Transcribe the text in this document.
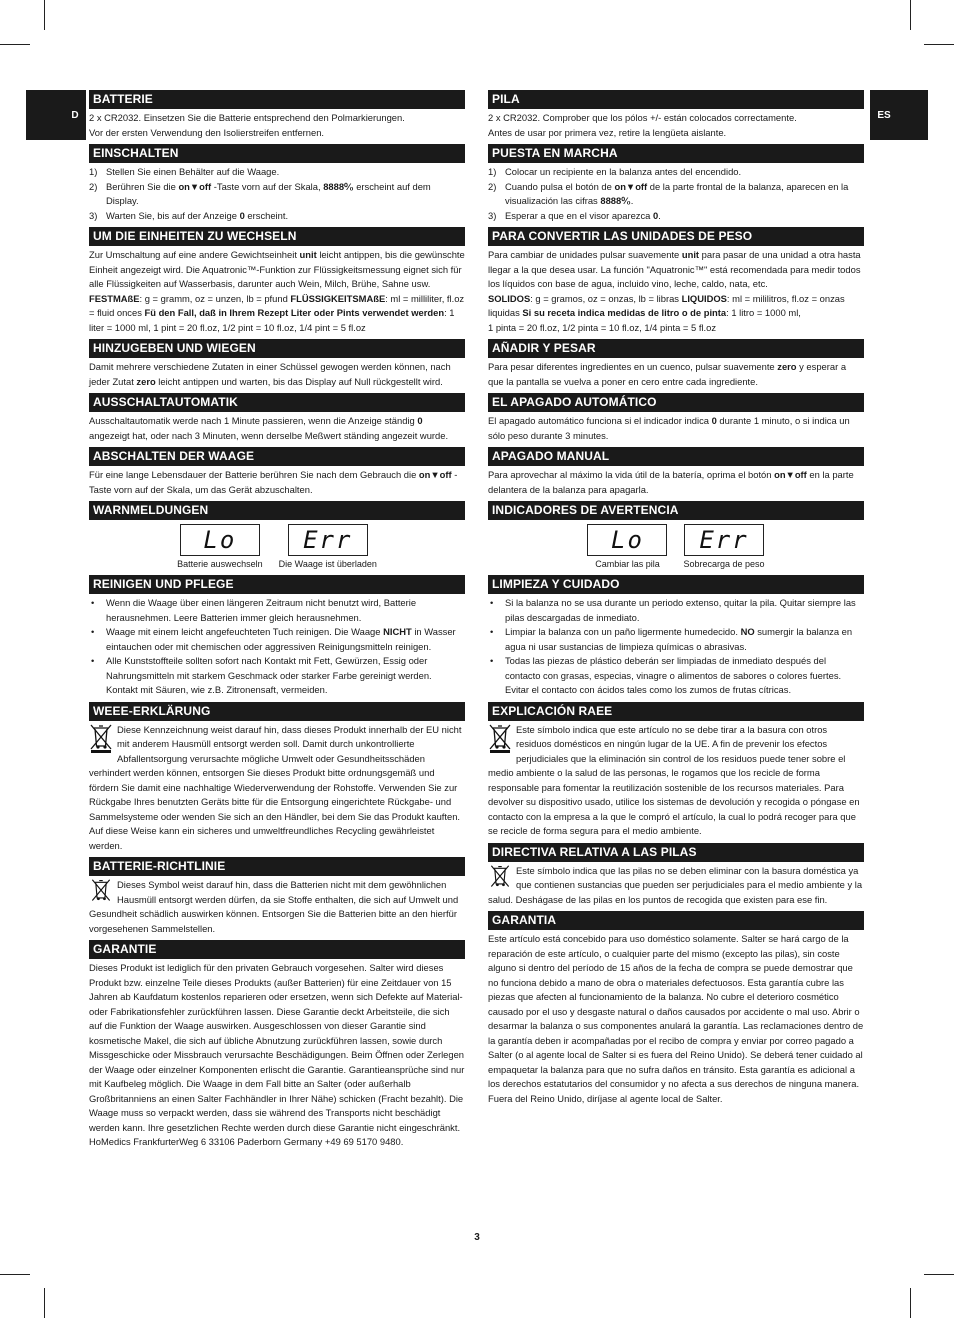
D	ES
BATTERIE
2 x CR2032. Einsetzen Sie die Batterie entsprechend den Polmarkierungen.
Vor der ersten Verwendung den Isolierstreifen entfernen.
EINSCHALTEN
1) Stellen Sie einen Behälter auf die Waage.
2) Berühren Sie die on▼off -Taste vorn auf der Skala, 8888⁰⁄₀ erscheint auf dem Display.
3) Warten Sie, bis auf der Anzeige 0 erscheint.
UM DIE EINHEITEN ZU WECHSELN
Zur Umschaltung auf eine andere Gewichtseinheit unit leicht antippen, bis die gewünschte Einheit angezeigt wird. Die Aquatronic™-Funktion zur Flüssigkeitsmessung eignet sich für alle Flüssigkeiten auf Wasserbasis, darunter auch Wein, Milch, Brühe, Sahne usw. FESTMAßE: g = gramm, oz = unzen, lb = pfund FLÜSSIGKEITSMAßE: ml = milliliter, fl.oz = fluid onces Fü den Fall, daß in Ihrem Rezept Liter oder Pints verwendet werden: 1 liter = 1000 ml, 1 pint = 20 fl.oz, 1/2 pint = 10 fl.oz, 1/4 pint = 5 fl.oz
HINZUGEBEN UND WIEGEN
Damit mehrere verschiedene Zutaten in einer Schüssel gewogen werden können, nach jeder Zutat zero leicht antippen und warten, bis das Display auf Null rückgestellt wird.
AUSSCHALTAUTOMATIK
Ausschaltautomatik werde nach 1 Minute passieren, wenn die Anzeige ständig 0 angezeigt hat, oder nach 3 Minuten, wenn derselbe Meßwert ständing angezeit wurde.
ABSCHALTEN DER WAAGE
Für eine lange Lebensdauer der Batterie berühren Sie nach dem Gebrauch die on▼off -Taste vorn auf der Skala, um das Gerät abzuschalten.
WARNMELDUNGEN
Lo
Batterie auswechseln
Err
Die Waage ist überladen
REINIGEN UND PFLEGE
•	Wenn die Waage über einen längeren Zeitraum nicht benutzt wird, Batterie herausnehmen. Leere Batterien immer gleich herausnehmen.
•	Waage mit einem leicht angefeuchteten Tuch reinigen. Die Waage NICHT in Wasser eintauchen oder mit chemischen oder aggressiven Reinigungsmitteln reinigen.
•	Alle Kunststoffteile sollten sofort nach Kontakt mit Fett, Gewürzen, Essig oder Nahrungsmitteln mit starkem Geschmack oder starker Farbe gereinigt werden. Kontakt mit Säuren, wie z.B. Zitronensaft, vermeiden.
WEEE-ERKLÄRUNG
Diese Kennzeichnung weist darauf hin, dass dieses Produkt innerhalb der EU nicht mit anderem Hausmüll entsorgt werden soll. Damit durch unkontrollierte Abfallentsorgung verursachte mögliche Umwelt oder Gesundheitsschäden verhindert werden können, entsorgen Sie dieses Produkt bitte ordnungsgemäß und fördern Sie damit eine nachhaltige Wiederverwendung der Rohstoffe. Verwenden Sie zur Rückgabe Ihres benutzten Geräts bitte für die Entsorgung eingerichtete Rückgabe- und Sammelsysteme oder wenden Sie sich an den Händler, bei dem Sie das Produkt kauften. Auf diese Weise kann ein sicheres und umweltfreundliches Recycling gewährleistet werden.
BATTERIE-RICHTLINIE
Dieses Symbol weist darauf hin, dass die Batterien nicht mit dem gewöhnlichen Hausmüll entsorgt werden dürfen, da sie Stoffe enthalten, die sich auf Umwelt und Gesundheit schädlich auswirken können. Entsorgen Sie die Batterien bitte an den hierfür vorgesehenen Sammelstellen.
GARANTIE
Dieses Produkt ist lediglich für den privaten Gebrauch vorgesehen. Salter wird dieses Produkt bzw. einzelne Teile dieses Produkts (außer Batterien) für eine Zeitdauer von 15 Jahren ab Kaufdatum kostenlos reparieren oder ersetzen, wenn sich Defekte auf Material- oder Fabrikationsfehler zurückführen lassen. Diese Garantie deckt Arbeitsteile, die sich auf die Funktion der Waage auswirken. Ausgeschlossen von dieser Garantie sind kosmetische Makel, die sich auf übliche Abnutzung zurückführen lassen, sowie durch Missgeschicke oder Missbrauch verursachte Beschädigungen. Beim Öffnen oder Zerlegen der Waage oder einzelner Komponenten erlischt die Garantie. Garantieansprüche sind nur mit Kaufbeleg möglich. Die Waage in dem Fall bitte an Salter (oder außerhalb Großbritanniens an einen Salter Fachhändler in Ihrer Nähe) schicken (Fracht bezahlt). Die Waage muss so verpackt werden, dass sie während des Transports nicht beschädigt werden kann. Ihre gesetzlichen Rechte werden durch diese Garantie nicht eingeschränkt. HoMedics FrankfurterWeg 6 33106 Paderborn Germany +49 69 5170 9480.
PILA
2 x CR2032. Comprober que los pólos +/- están colocados correctamente.
Antes de usar por primera vez, retire la lengüeta aislante.
PUESTA EN MARCHA
1) Colocar un recipiente en la balanza antes del encendido.
2) Cuando pulsa el botón de on▼off de la parte frontal de la balanza, aparecen en la visualización las cifras 8888⁰⁄₀.
3) Esperar a que en el visor aparezca 0.
PARA CONVERTIR LAS UNIDADES DE PESO
Para cambiar de unidades pulsar suavemente unit para pasar de una unidad a otra hasta llegar a la que desea usar. La función "Aquatronic™" está recomendada para medir todos los líquidos con base de agua, incluido vino, leche, caldo, nata, etc.
SOLIDOS: g = gramos, oz = onzas, lb = libras LIQUIDOS: ml = mililitros, fl.oz = onzas liquidas Si su receta indica medidas de litro o de pinta: 1 litro = 1000 ml,
1 pinta = 20 fl.oz, 1/2 pinta = 10 fl.oz, 1/4 pinta = 5 fl.oz
AÑADIR Y PESAR
Para pesar diferentes ingredientes en un cuenco, pulsar suavemente zero y esperar a que la pantalla se vuelva a poner en cero entre cada ingrediente.
EL APAGADO AUTOMÁTICO
El apagado automático funciona si el indicador indica 0 durante 1 minuto, o si indica un sólo peso durante 3 minutes.
APAGADO MANUAL
Para aprovechar al máximo la vida útil de la batería, oprima el botón on▼off en la parte delantera de la balanza para apagarla.
INDICADORES DE AVERTENCIA
Lo
Cambiar las pila
Err
Sobrecarga de peso
LIMPIEZA Y CUIDADO
•	Si la balanza no se usa durante un periodo extenso, quitar la pila. Quitar siempre las pilas descargadas de inmediato.
•	Limpiar la balanza con un paño ligermente humedecido. NO sumergir la balanza en agua ni usar sustancias de limpieza químicas o abrasivas.
•	Todas las piezas de plástico deberán ser limpiadas de inmediato después del contacto con grasas, especias, vinagre o alimentos de sabores o colores fuertes. Evitar el contacto con ácidos tales como los zumos de frutas cítricas.
EXPLICACIÓN RAEE
Este símbolo indica que este artículo no se debe tirar a la basura con otros residuos domésticos en ningún lugar de la UE. A fin de prevenir los efectos perjudiciales que la eliminación sin control de los residuos puede tener sobre el medio ambiente o la salud de las personas, le rogamos que los recicle de forma responsable para fomentar la reutilización sostenible de los recursos materiales. Para devolver su dispositivo usado, utilice los sistemas de devolución y recogida o póngase en contacto con la empresa a la que le compró el artículo, la cual lo podrá recoger para que se recicle de forma segura para el medio ambiente.
DIRECTIVA RELATIVA A LAS PILAS
Este símbolo indica que las pilas no se deben eliminar con la basura doméstica ya que contienen sustancias que pueden ser perjudiciales para el medio ambiente y la salud. Deshágase de las pilas en los puntos de recogida que existen para ese fin.
GARANTIA
Este artículo está concebido para uso doméstico solamente. Salter se hará cargo de la reparación de este artículo, o cualquier parte del mismo (excepto las pilas), sin coste alguno si dentro del período de 15 años de la fecha de compra se puede demostrar que no funciona debido a mano de obra o materiales defectuosos. Esta garantía cubre las piezas que afecten al funcionamiento de la balanza. No cubre el deterioro cosmético causado por el uso y desgaste natural o daños causados por accidente o mal uso. Abrir o desarmar la balanza o sus componentes anulará la garantía. Las reclamaciones dentro de la garantía deben ir acompañadas por el recibo de compra y enviar por correo pagado a Salter (o al agente local de Salter si es fuera del Reino Unido). Se deberá tener cuidado al empaquetar la balanza para que no sufra daños en tránsito. Esta garantía es adicional a los derechos estatutarios del consumidor y no afecta a sus derechos de ninguna manera. Fuera del Reino Unido, diríjase al agente local de Salter.
3
